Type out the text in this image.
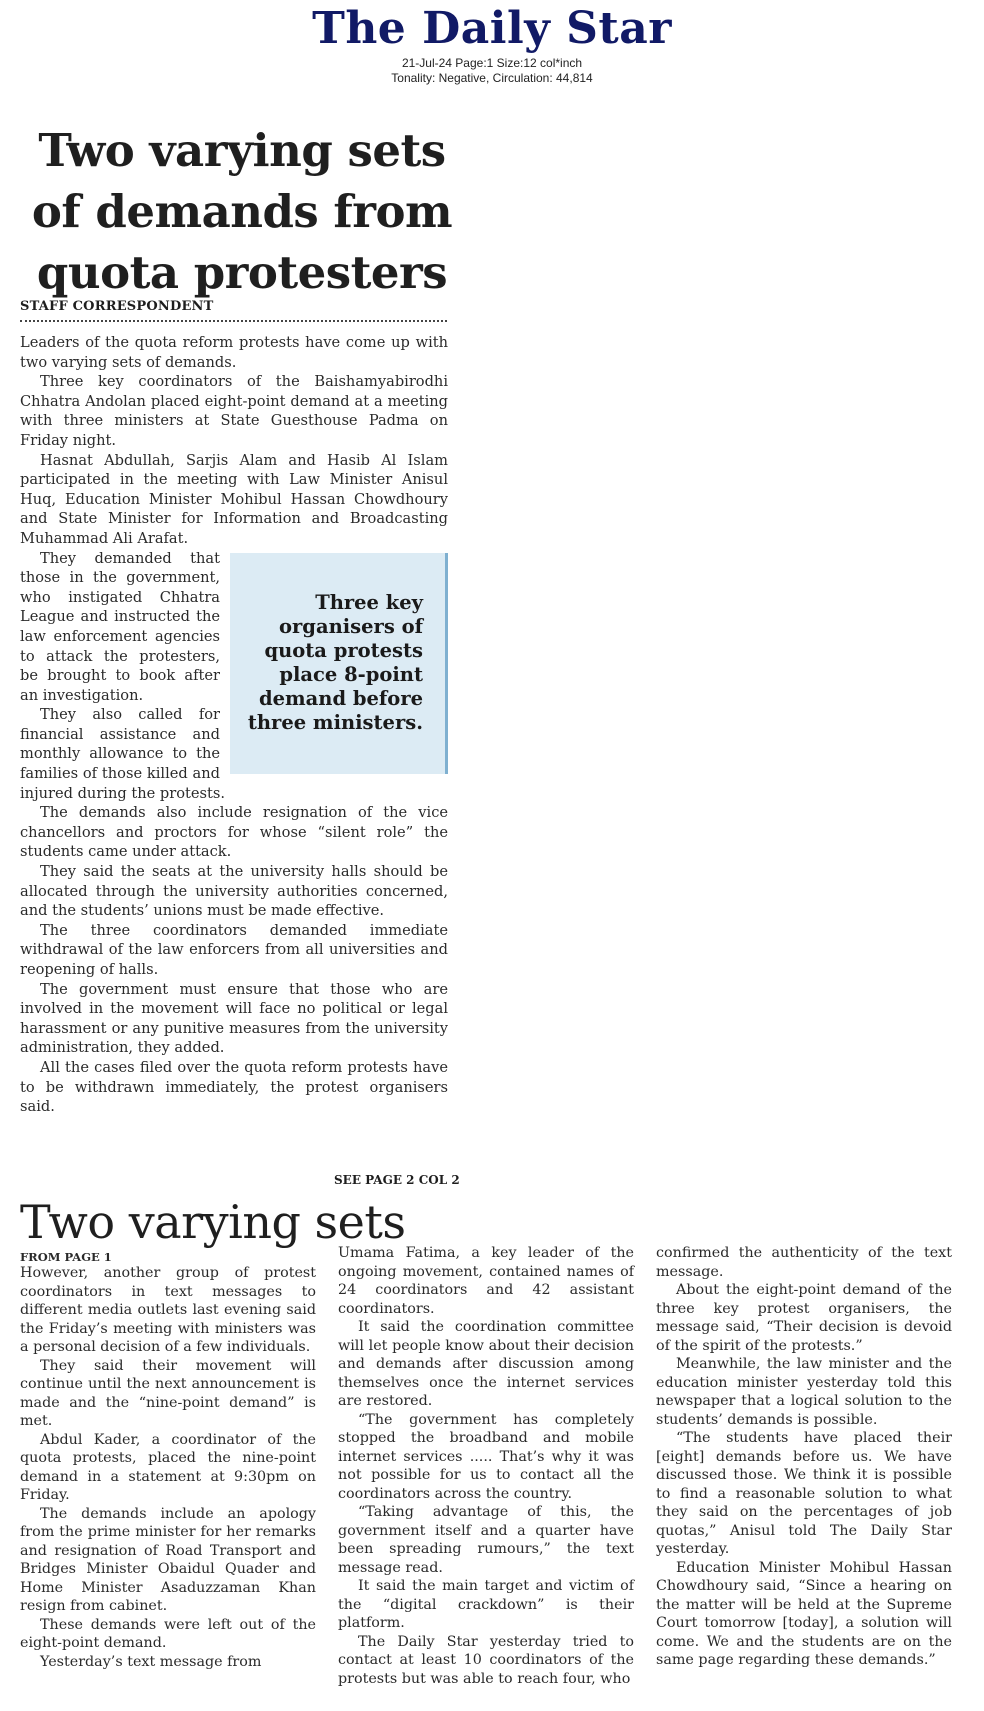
The Daily Star
21-Jul-24 Page:1 Size:12 col*inch
Tonality: Negative, Circulation: 44,814
Two varying sets of demands from quota protesters
STAFF CORRESPONDENT

Leaders of the quota reform protests have come up with two varying sets of demands.

Three key coordinators of the Baishamyabirodhi Chhatra Andolan placed eight-point demand at a meeting with three ministers at State Guesthouse Padma on Friday night.

Hasnat Abdullah, Sarjis Alam and Hasib Al Islam participated in the meeting with Law Minister Anisul Huq, Education Minister Mohibul Hassan Chowdhoury and State Minister for Information and Broadcasting Muhammad Ali Arafat.

Three key organisers of quota protests place 8-point demand before three ministers.

They demanded that those in the government, who instigated Chhatra League and instructed the law enforcement agencies to attack the protesters, be brought to book after an investigation.

They also called for financial assistance and monthly allowance to the families of those killed and injured during the protests.

The demands also include resignation of the vice chancellors and proctors for whose “silent role” the students came under attack.

They said the seats at the university halls should be allocated through the university authorities concerned, and the students’ unions must be made effective.

The three coordinators demanded immediate withdrawal of the law enforcers from all universities and reopening of halls.

The government must ensure that those who are involved in the movement will face no political or legal harassment or any punitive measures from the university administration, they added.

All the cases filed over the quota reform protests have to be withdrawn immediately, the protest organisers said.

SEE PAGE 2 COL 2
Two varying sets
FROM PAGE 1

However, another group of protest coordinators in text messages to different media outlets last evening said the Friday’s meeting with ministers was a personal decision of a few individuals.

They said their movement will continue until the next announcement is made and the “nine-point demand” is met.

Abdul Kader, a coordinator of the quota protests, placed the nine-point demand in a statement at 9:30pm on Friday.

The demands include an apology from the prime minister for her remarks and resignation of Road Transport and Bridges Minister Obaidul Quader and Home Minister Asaduzzaman Khan resign from cabinet.

These demands were left out of the eight-point demand.

Yesterday’s text message from

Umama Fatima, a key leader of the ongoing movement, contained names of 24 coordinators and 42 assistant coordinators.

It said the coordination committee will let people know about their decision and demands after discussion among themselves once the internet services are restored.

“The government has completely stopped the broadband and mobile internet services ..... That’s why it was not possible for us to contact all the coordinators across the country.

“Taking advantage of this, the government itself and a quarter have been spreading rumours,” the text message read.

It said the main target and victim of the “digital crackdown” is their platform.

The Daily Star yesterday tried to contact at least 10 coordinators of the protests but was able to reach four, who

confirmed the authenticity of the text message.

About the eight-point demand of the three key protest organisers, the message said, “Their decision is devoid of the spirit of the protests.”

Meanwhile, the law minister and the education minister yesterday told this newspaper that a logical solution to the students’ demands is possible.

“The students have placed their [eight] demands before us. We have discussed those. We think it is possible to find a reasonable solution to what they said on the percentages of job quotas,” Anisul told The Daily Star yesterday.

Education Minister Mohibul Hassan Chowdhoury said, “Since a hearing on the matter will be held at the Supreme Court tomorrow [today], a solution will come. We and the students are on the same page regarding these demands.”
